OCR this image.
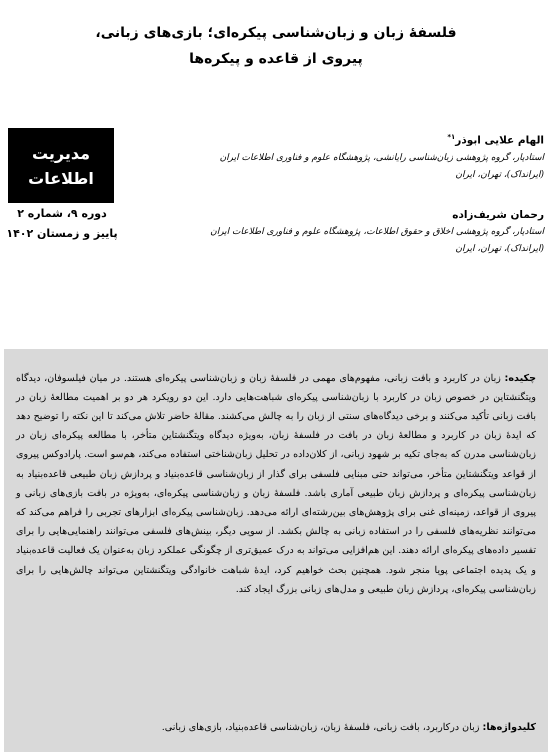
فلسفهٔ زبان و زبان‌شناسی پیکره‌ای؛ بازی‌های زبانی،
پیروی از قاعده و پیکره‌ها
مدیریت
اطلاعات
دوره ۹، شماره ۲
پاییز و زمستان ۱۴۰۲
الهام علایی ابوذر$^{۱*}$
استادیار، گروه پژوهشی زبان‌شناسی رایانشی، پژوهشگاه علوم و فناوری اطلاعات ایران
(ایرانداک)، تهران، ایران
رحمان شریف‌زاده
استادیار، گروه پژوهشی اخلاق و حقوق اطلاعات، پژوهشگاه علوم و فناوری اطلاعات ایران
(ایرانداک)، تهران، ایران

چکیده: زبان در کاربرد و بافت زبانی، مفهوم‌های مهمی در فلسفهٔ زبان و زبان‌شناسی پیکره‌ای هستند. در میان فیلسوفان، دیدگاه ویتگنشتاین در خصوص زبان در کاربرد با زبان‌شناسی پیکره‌ای شباهت‌هایی دارد. این دو رویکرد هر دو بر اهمیت مطالعهٔ زبان در بافت زبانی تأکید می‌کنند و برخی دیدگاه‌های سنتی از زبان را به چالش می‌کشند. مقالهٔ حاضر تلاش می‌کند تا این نکته را توضیح دهد که ایدهٔ زبان در کاربرد و مطالعهٔ زبان در بافت در فلسفهٔ زبان، به‌ویژه دیدگاه ویتگنشتاین متأخر، با مطالعه پیکره‌ای زبان در زبان‌شناسی مدرن که به‌جای تکیه بر شهود زبانی، از کلان‌داده در تحلیل زبان‌شناختی استفاده می‌کند، هم‌سو است. پارادوکس پیروی از قواعد ویتگنشتاین متأخر، می‌تواند حتی مبنایی فلسفی برای گذار از زبان‌شناسی قاعده‌بنیاد و پردازش زبان طبیعی قاعده‌بنیاد به زبان‌شناسی پیکره‌ای و پردازش زبان طبیعی آماری باشد. فلسفهٔ زبان و زبان‌شناسی پیکره‌ای، به‌ویژه در بافت بازی‌های زبانی و پیروی از قواعد، زمینه‌ای غنی برای پژوهش‌های بین‌رشته‌ای ارائه می‌دهد. زبان‌شناسی پیکره‌ای ابزارهای تجربی را فراهم می‌کند که می‌توانند نظریه‌های فلسفی را در استفاده زبانی به چالش بکشد. از سویی دیگر، بینش‌های فلسفی می‌توانند راهنمایی‌هایی را برای تفسیر داده‌های پیکره‌ای ارائه دهند. این هم‌افزایی می‌تواند به درک عمیق‌تری از چگونگی عملکرد زبان به‌عنوان یک فعالیت قاعده‌بنیاد و یک پدیده اجتماعی پویا منجر شود. همچنین بحث خواهیم کرد، ایدهٔ شباهت خانوادگی ویتگنشتاین می‌تواند چالش‌هایی را برای زبان‌شناسی پیکره‌ای، پردازش زبان طبیعی و مدل‌های زبانی بزرگ ایجاد کند.

کلیدواژه‌ها: زبان درکاربرد، بافت زبانی، فلسفهٔ زبان، زبان‌شناسی قاعده‌بنیاد، بازی‌های زبانی.
